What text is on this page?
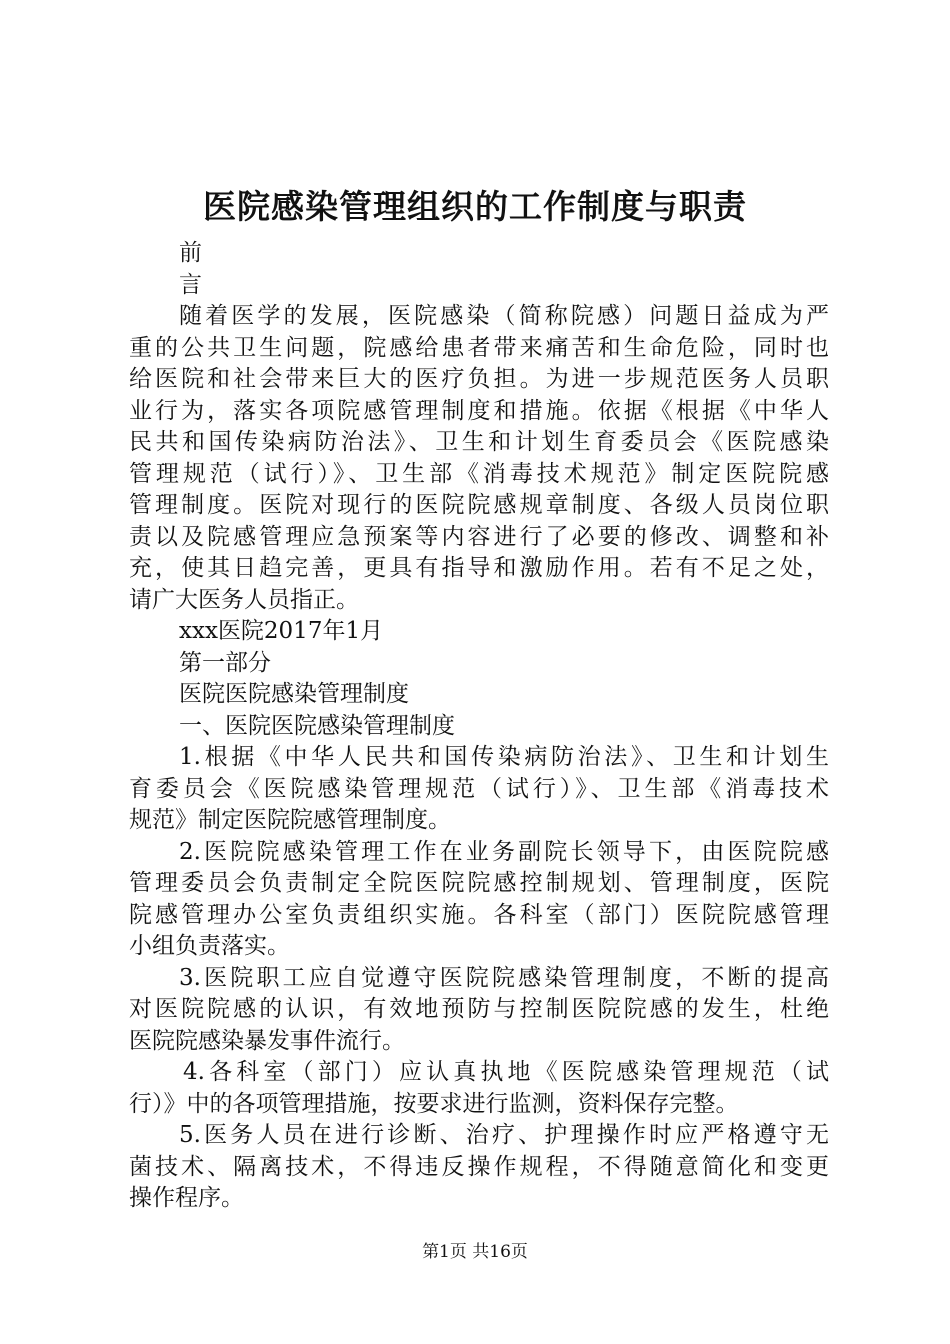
医院感染管理组织的工作制度与职责
前
言
随着医学的发展，医院感染（简称院感）问题日益成为严
重的公共卫生问题，院感给患者带来痛苦和生命危险，同时也
给医院和社会带来巨大的医疗负担。为进一步规范医务人员职
业行为，落实各项院感管理制度和措施。依据《根据《中华人
民共和国传染病防治法》、卫生和计划生育委员会《医院感染
管理规范（试行）》、卫生部《消毒技术规范》制定医院院感
管理制度。医院对现行的医院院感规章制度、各级人员岗位职
责以及院感管理应急预案等内容进行了必要的修改、调整和补
充，使其日趋完善，更具有指导和激励作用。若有不足之处，
请广大医务人员指正。
xxx医院2017年1月
第一部分
医院医院感染管理制度
一、医院医院感染管理制度
1.根据《中华人民共和国传染病防治法》、卫生和计划生
育委员会《医院感染管理规范（试行）》、卫生部《消毒技术
规范》制定医院院感管理制度。
2.医院院感染管理工作在业务副院长领导下，由医院院感
管理委员会负责制定全院医院院感控制规划、管理制度，医院
院感管理办公室负责组织实施。各科室（部门）医院院感管理
小组负责落实。
3.医院职工应自觉遵守医院院感染管理制度，不断的提高
对医院院感的认识，有效地预防与控制医院院感的发生，杜绝
医院院感染暴发事件流行。
4.各科室（部门）应认真执地《医院感染管理规范（试
行）》中的各项管理措施，按要求进行监测，资料保存完整。
5.医务人员在进行诊断、治疗、护理操作时应严格遵守无
菌技术、隔离技术，不得违反操作规程，不得随意简化和变更
操作程序。
第1页 共16页
